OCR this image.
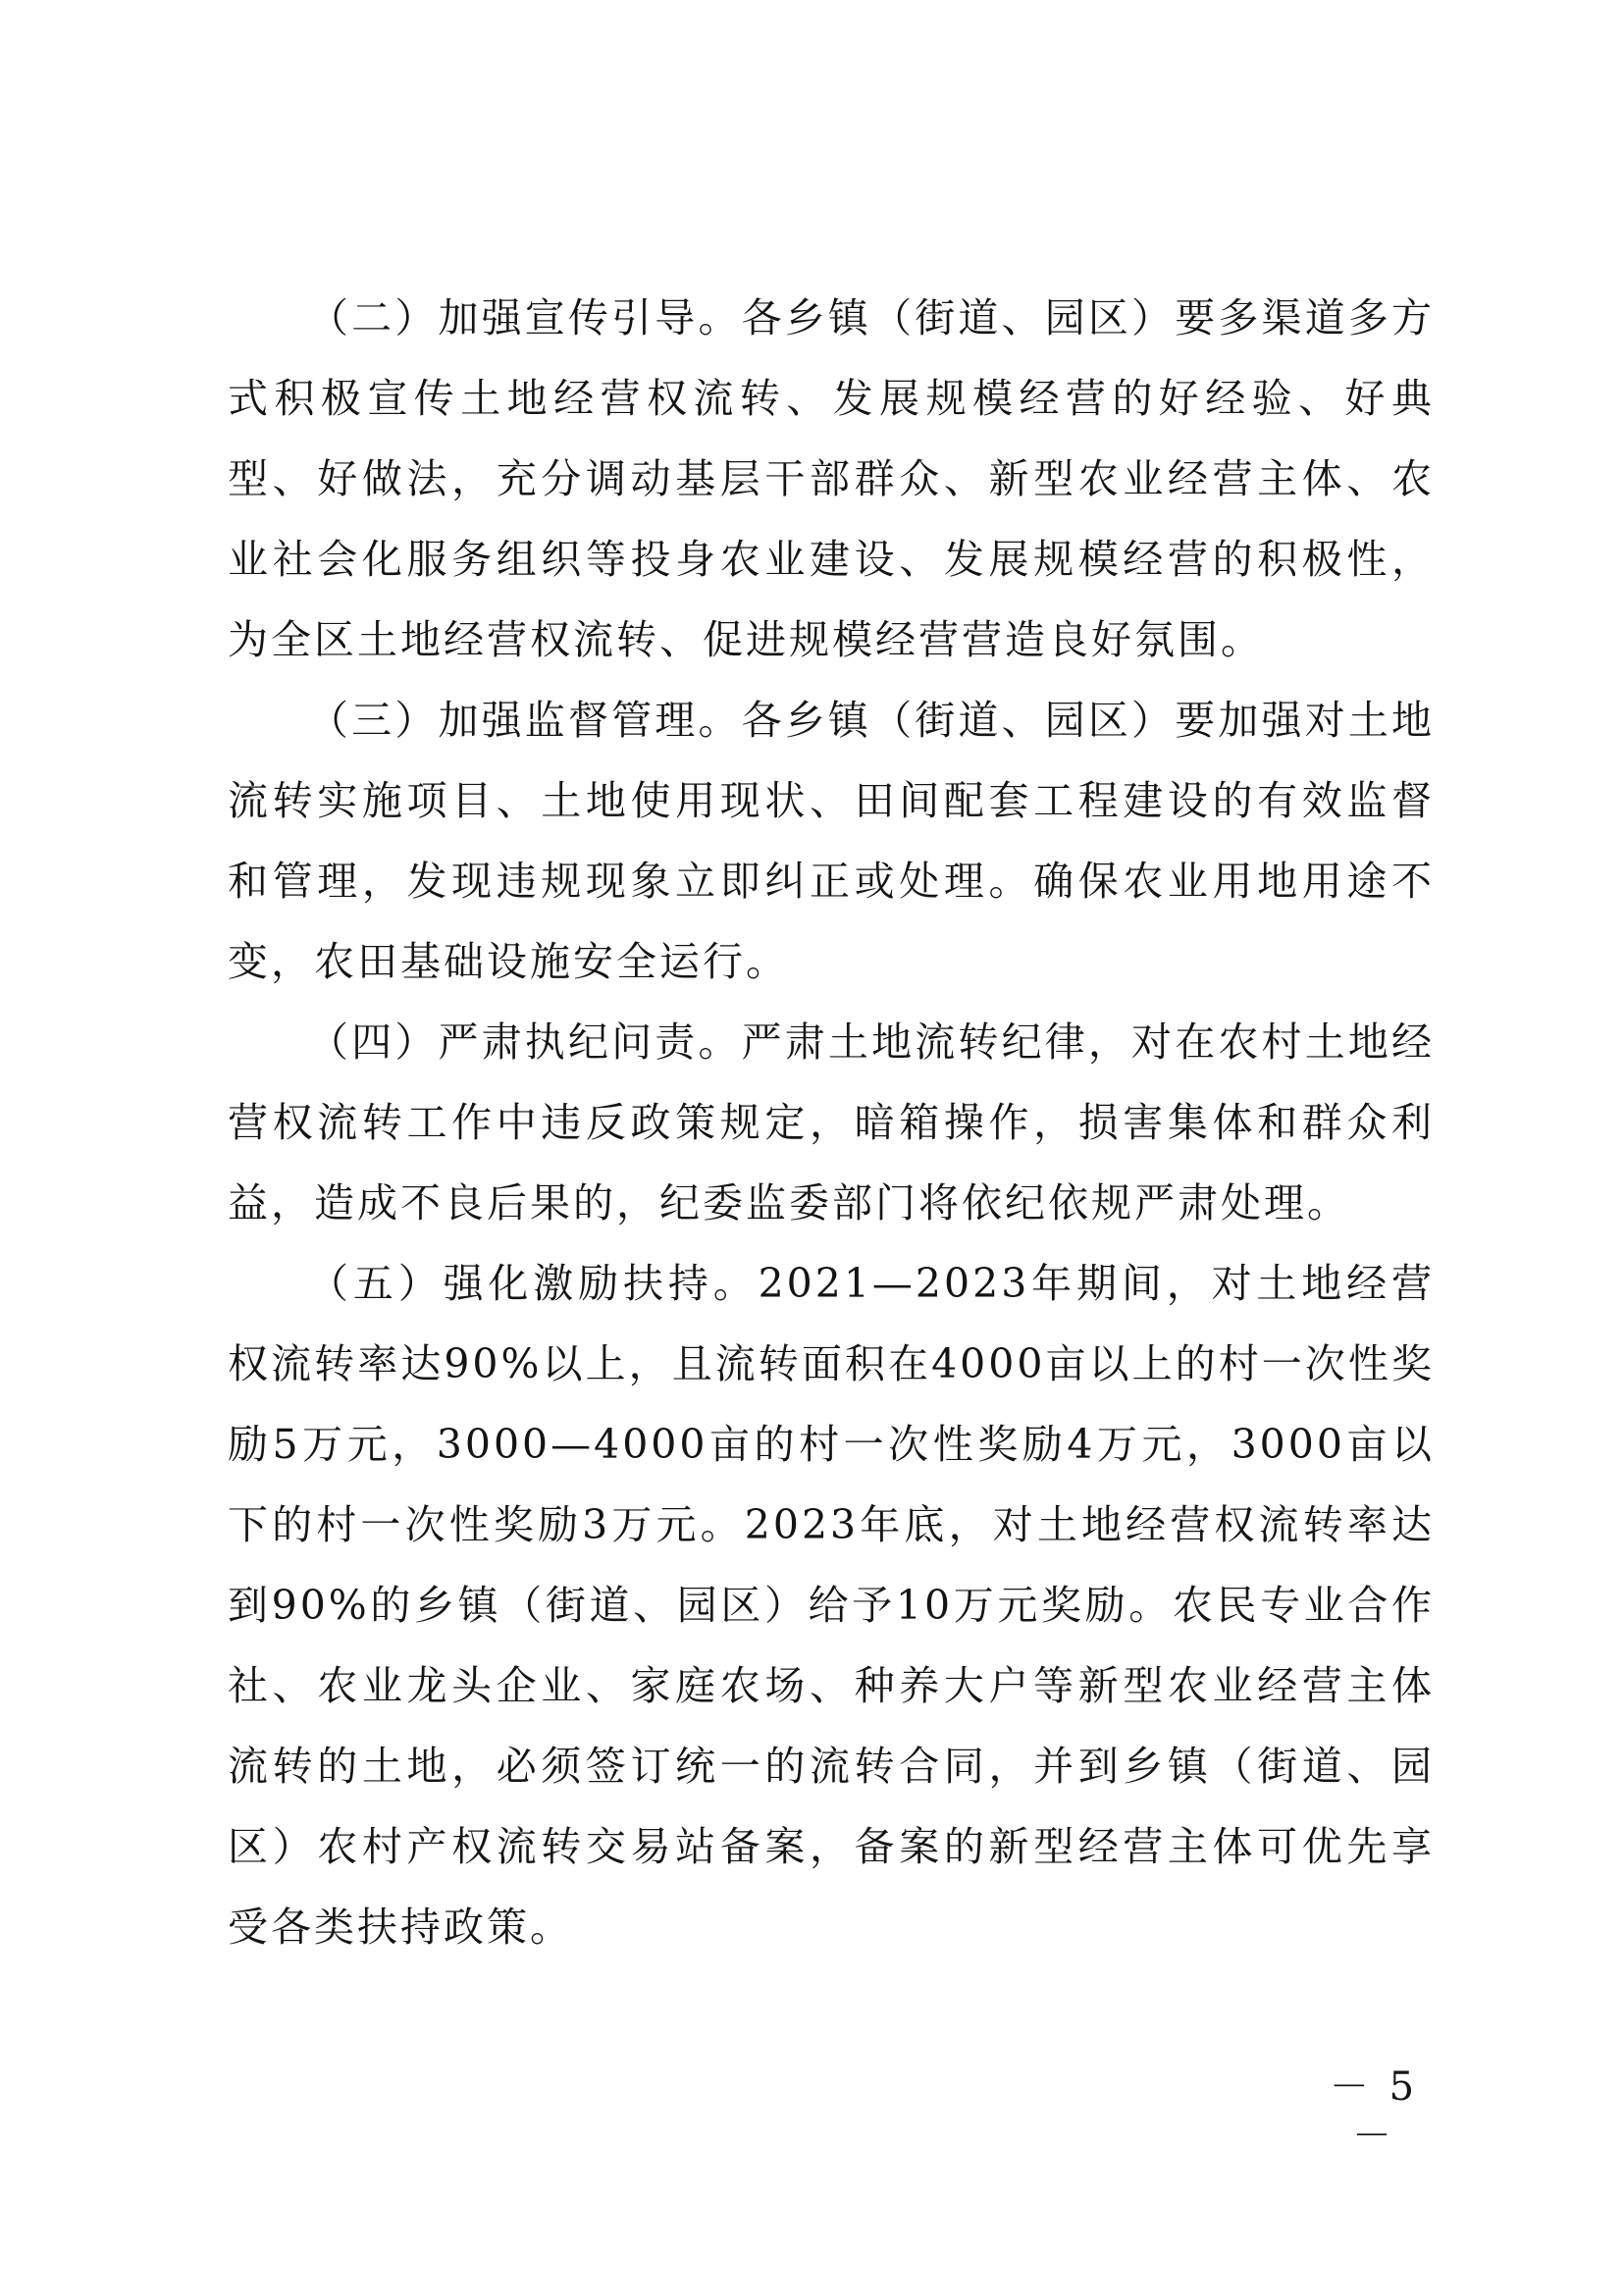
（二）加强宣传引导。各乡镇（街道、园区）要多渠道多方式积极宣传土地经营权流转、发展规模经营的好经验、好典型、好做法，充分调动基层干部群众、新型农业经营主体、农业社会化服务组织等投身农业建设、发展规模经营的积极性，为全区土地经营权流转、促进规模经营营造良好氛围。

（三）加强监督管理。各乡镇（街道、园区）要加强对土地流转实施项目、土地使用现状、田间配套工程建设的有效监督和管理，发现违规现象立即纠正或处理。确保农业用地用途不变，农田基础设施安全运行。

（四）严肃执纪问责。严肃土地流转纪律，对在农村土地经营权流转工作中违反政策规定，暗箱操作，损害集体和群众利益，造成不良后果的，纪委监委部门将依纪依规严肃处理。

（五）强化激励扶持。2021—2023年期间，对土地经营权流转率达90%以上，且流转面积在4000亩以上的村一次性奖励5万元，3000—4000亩的村一次性奖励4万元，3000亩以下的村一次性奖励3万元。2023年底，对土地经营权流转率达到90%的乡镇（街道、园区）给予10万元奖励。农民专业合作社、农业龙头企业、家庭农场、种养大户等新型农业经营主体流转的土地，必须签订统一的流转合同，并到乡镇（街道、园区）农村产权流转交易站备案，备案的新型经营主体可优先享受各类扶持政策。

－ 5 －
